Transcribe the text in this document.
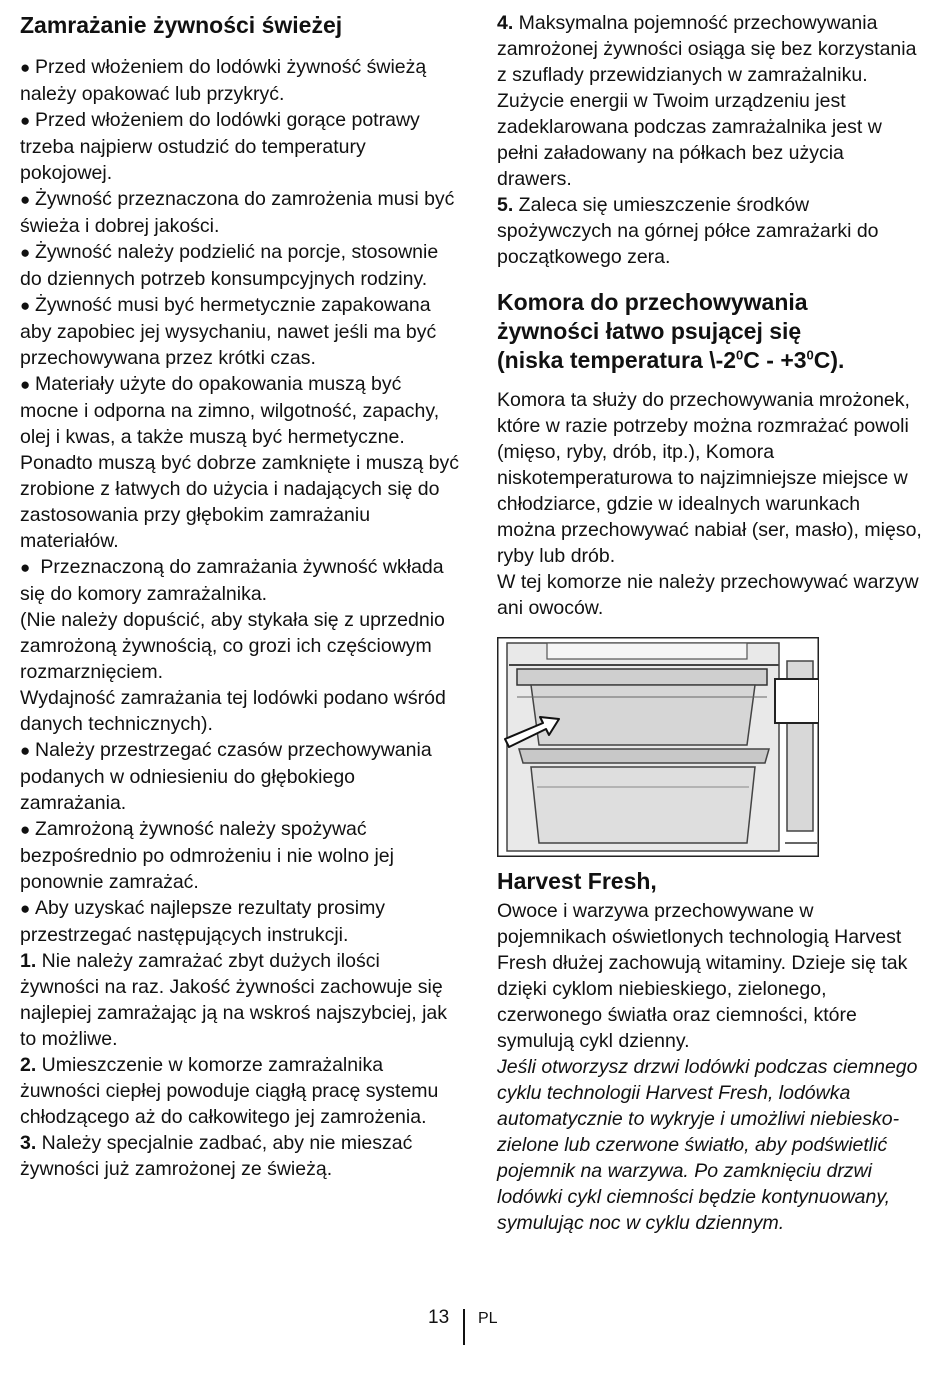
Zamrażanie żywności świeżej

● Przed włożeniem do lodówki żywność świeżą należy opakować lub przykryć.

● Przed włożeniem do lodówki gorące potrawy trzeba najpierw ostudzić do temperatury pokojowej.

● Żywność przeznaczona do zamrożenia musi być świeża i dobrej jakości.

● Żywność należy podzielić na porcje, stosownie do dziennych potrzeb konsumpcyjnych rodziny.

● Żywność musi być hermetycznie zapakowana aby zapobiec jej wysychaniu, nawet jeśli ma być przechowywana przez krótki czas.

● Materiały użyte do opakowania muszą być mocne i odporna na zimno, wilgotność, zapachy, olej i kwas, a także muszą być hermetyczne. Ponadto muszą być dobrze zamknięte i muszą być zrobione z łatwych do użycia i nadających się do zastosowania przy głębokim zamrażaniu materiałów.

●  Przeznaczoną do zamrażania żywność wkłada się do komory zamrażalnika.

(Nie należy dopuścić, aby stykała się z uprzednio zamrożoną żywnością, co grozi ich częściowym rozmarznięciem.

Wydajność zamrażania tej lodówki podano wśród danych technicznych).

● Należy przestrzegać czasów przechowywania podanych w odniesieniu do głębokiego zamrażania.

● Zamrożoną żywność należy spożywać bezpośrednio po odmrożeniu i nie wolno jej ponownie zamrażać.

● Aby uzyskać najlepsze rezultaty prosimy przestrzegać następujących instrukcji.

1. Nie należy zamrażać zbyt dużych ilości żywności na raz. Jakość żywności zachowuje się najlepiej zamrażając ją na wskroś najszybciej, jak to możliwe.

2. Umieszczenie w komorze zamrażalnika żuwności ciepłej powoduje ciągłą pracę systemu chłodzącego aż do całkowitego jej zamrożenia.

3. Należy specjalnie zadbać, aby nie mieszać żywności już zamrożonej ze świeżą.

4. Maksymalna pojemność przechowywania zamrożonej żywności osiąga się bez korzystania z szuflady przewidzianych w zamrażalniku.

Zużycie energii w Twoim urządzeniu jest zadeklarowana podczas zamrażalnika jest w pełni załadowany na półkach bez użycia drawers.

5. Zaleca się umieszczenie środków spożywczych na górnej półce zamrażarki do początkowego zera.

Komora do przechowywania
żywności łatwo psującej się
(niska temperatura $\backslash-2^0C - +3^0C$).

Komora ta służy do przechowywania mrożonek, które w razie potrzeby można rozmrażać powoli (mięso, ryby, drób, itp.), Komora niskotemperaturowa to najzimniejsze miejsce w chłodziarce, gdzie w idealnych warunkach można przechowywać nabiał (ser, masło), mięso, ryby lub drób.

W tej komorze nie należy przechowywać warzyw ani owoców.

Harvest Fresh,

Owoce i warzywa przechowywane w pojemnikach oświetlonych technologią Harvest Fresh dłużej zachowują witaminy. Dzieje się tak dzięki cyklom niebieskiego, zielonego, czerwonego światła oraz ciemności, które symulują cykl dzienny.

Jeśli otworzysz drzwi lodówki podczas ciemnego cyklu technologii Harvest Fresh, lodówka automatycznie to wykryje i umożliwi niebiesko-zielone lub czerwone światło, aby podświetlić pojemnik na warzywa. Po zamknięciu drzwi lodówki cykl ciemności będzie kontynuowany, symulując noc w cyklu dziennym.

13 PL
